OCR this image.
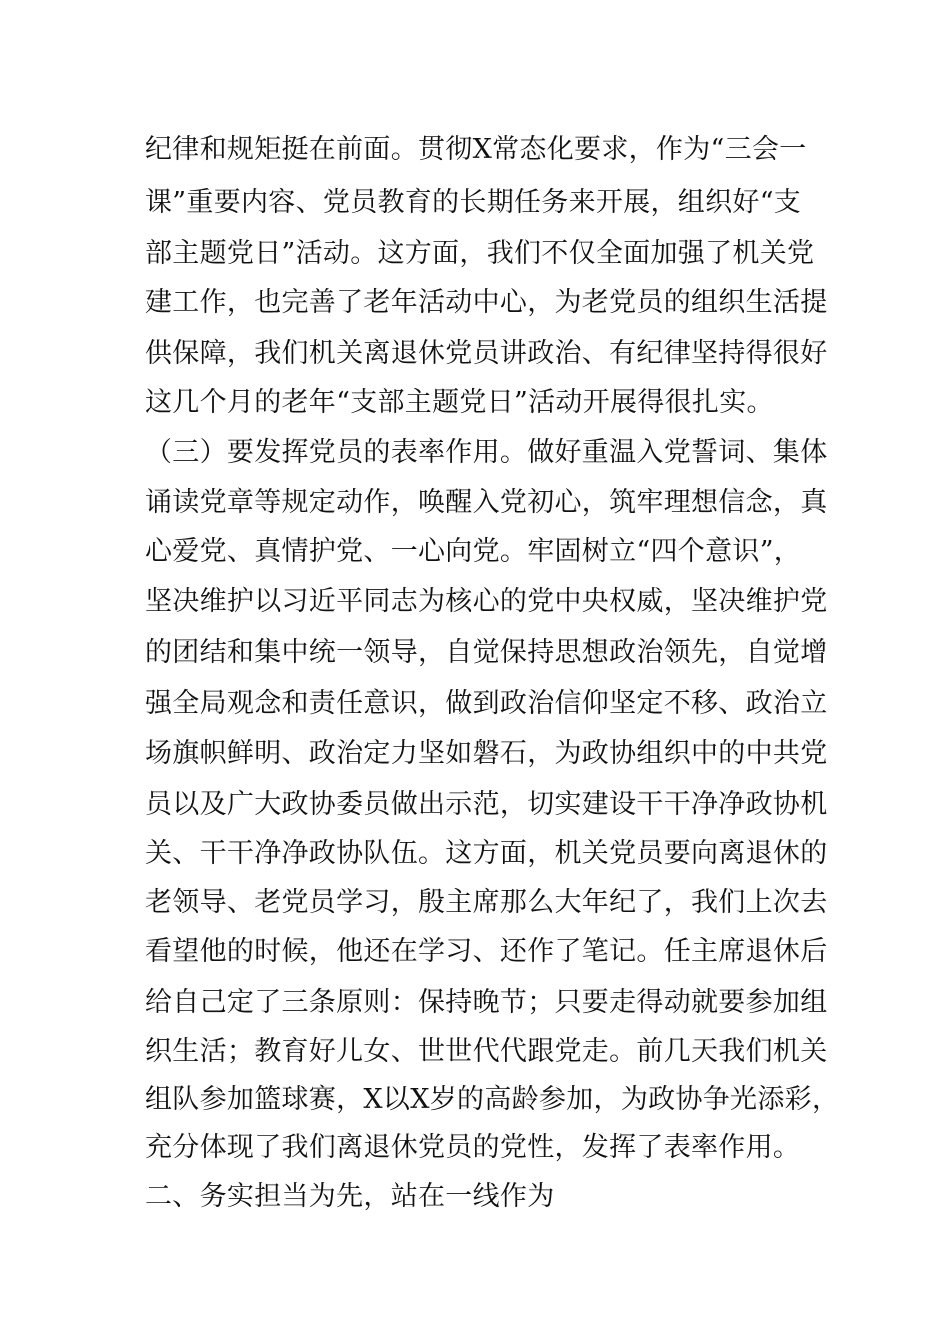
纪律和规矩挺在前面。贯彻X常态化要求，作为“三会一
课”重要内容、党员教育的长期任务来开展，组织好“支
部主题党日”活动。这方面，我们不仅全面加强了机关党
建工作，也完善了老年活动中心，为老党员的组织生活提
供保障，我们机关离退休党员讲政治、有纪律坚持得很好
这几个月的老年“支部主题党日”活动开展得很扎实。
（三）要发挥党员的表率作用。做好重温入党誓词、集体
诵读党章等规定动作，唤醒入党初心，筑牢理想信念，真
心爱党、真情护党、一心向党。牢固树立“四个意识”，
坚决维护以习近平同志为核心的党中央权威，坚决维护党
的团结和集中统一领导，自觉保持思想政治领先，自觉增
强全局观念和责任意识，做到政治信仰坚定不移、政治立
场旗帜鲜明、政治定力坚如磐石，为政协组织中的中共党
员以及广大政协委员做出示范，切实建设干干净净政协机
关、干干净净政协队伍。这方面，机关党员要向离退休的
老领导、老党员学习，殷主席那么大年纪了，我们上次去
看望他的时候，他还在学习、还作了笔记。任主席退休后
给自己定了三条原则：保持晚节；只要走得动就要参加组
织生活；教育好儿女、世世代代跟党走。前几天我们机关
组队参加篮球赛，X以X岁的高龄参加，为政协争光添彩，
充分体现了我们离退休党员的党性，发挥了表率作用。
二、务实担当为先，站在一线作为
